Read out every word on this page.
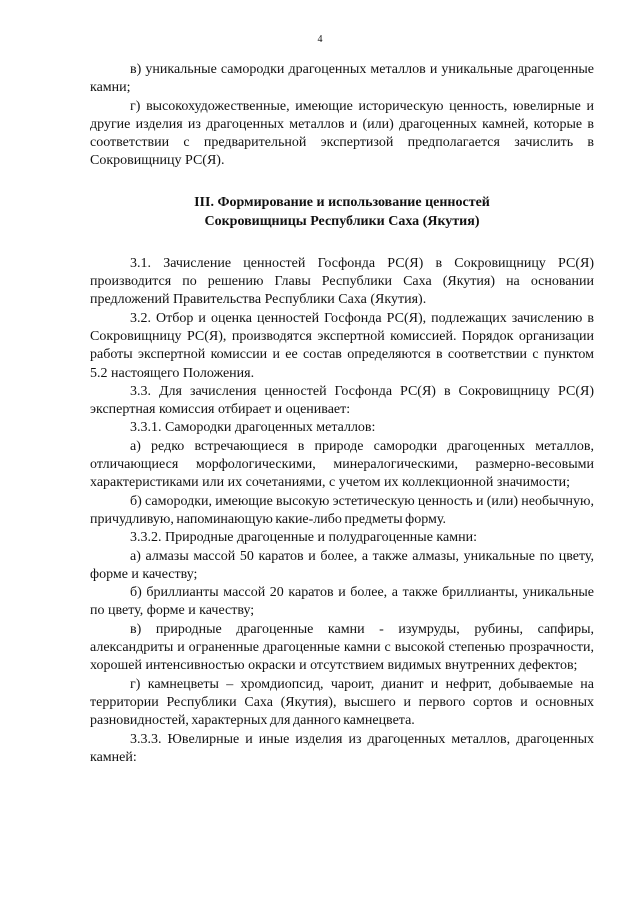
4

в) уникальные самородки драгоценных металлов и уникальные драгоценные камни;

г) высокохудожественные, имеющие историческую ценность, ювелирные и другие изделия из драгоценных металлов и (или) драгоценных камней, которые в соответствии с предварительной экспертизой предполагается зачислить в Сокровищницу РС(Я).

III. Формирование и использование ценностей
Сокровищницы Республики Саха (Якутия)

3.1. Зачисление ценностей Госфонда РС(Я) в Сокровищницу РС(Я) производится по решению Главы Республики Саха (Якутия) на основании предложений Правительства Республики Саха (Якутия).

3.2. Отбор и оценка ценностей Госфонда РС(Я), подлежащих зачислению в Сокровищницу РС(Я), производятся экспертной комиссией. Порядок организации работы экспертной комиссии и ее состав определяются в соответствии с пунктом 5.2 настоящего Положения.

3.3. Для зачисления ценностей Госфонда РС(Я) в Сокровищницу РС(Я) экспертная комиссия отбирает и оценивает:

3.3.1. Самородки драгоценных металлов:

а) редко встречающиеся в природе самородки драгоценных металлов, отличающиеся морфологическими, минералогическими, размерно-весовыми характеристиками или их сочетаниями, с учетом их коллекционной значимости;

б) самородки, имеющие высокую эстетическую ценность и (или) необычную, причудливую, напоминающую какие-либо предметы форму.

3.3.2. Природные драгоценные и полудрагоценные камни:

а) алмазы массой 50 каратов и более, а также алмазы, уникальные по цвету, форме и качеству;

б) бриллианты массой 20 каратов и более, а также бриллианты, уникальные по цвету, форме и качеству;

в) природные драгоценные камни - изумруды, рубины, сапфиры, александриты и ограненные драгоценные камни с высокой степенью прозрачности, хорошей интенсивностью окраски и отсутствием видимых внутренних дефектов;

г) камнецветы – хромдиопсид, чароит, дианит и нефрит, добываемые на территории Республики Саха (Якутия), высшего и первого сортов и основных разновидностей, характерных для данного камнецвета.

3.3.3. Ювелирные и иные изделия из драгоценных металлов, драгоценных камней:
